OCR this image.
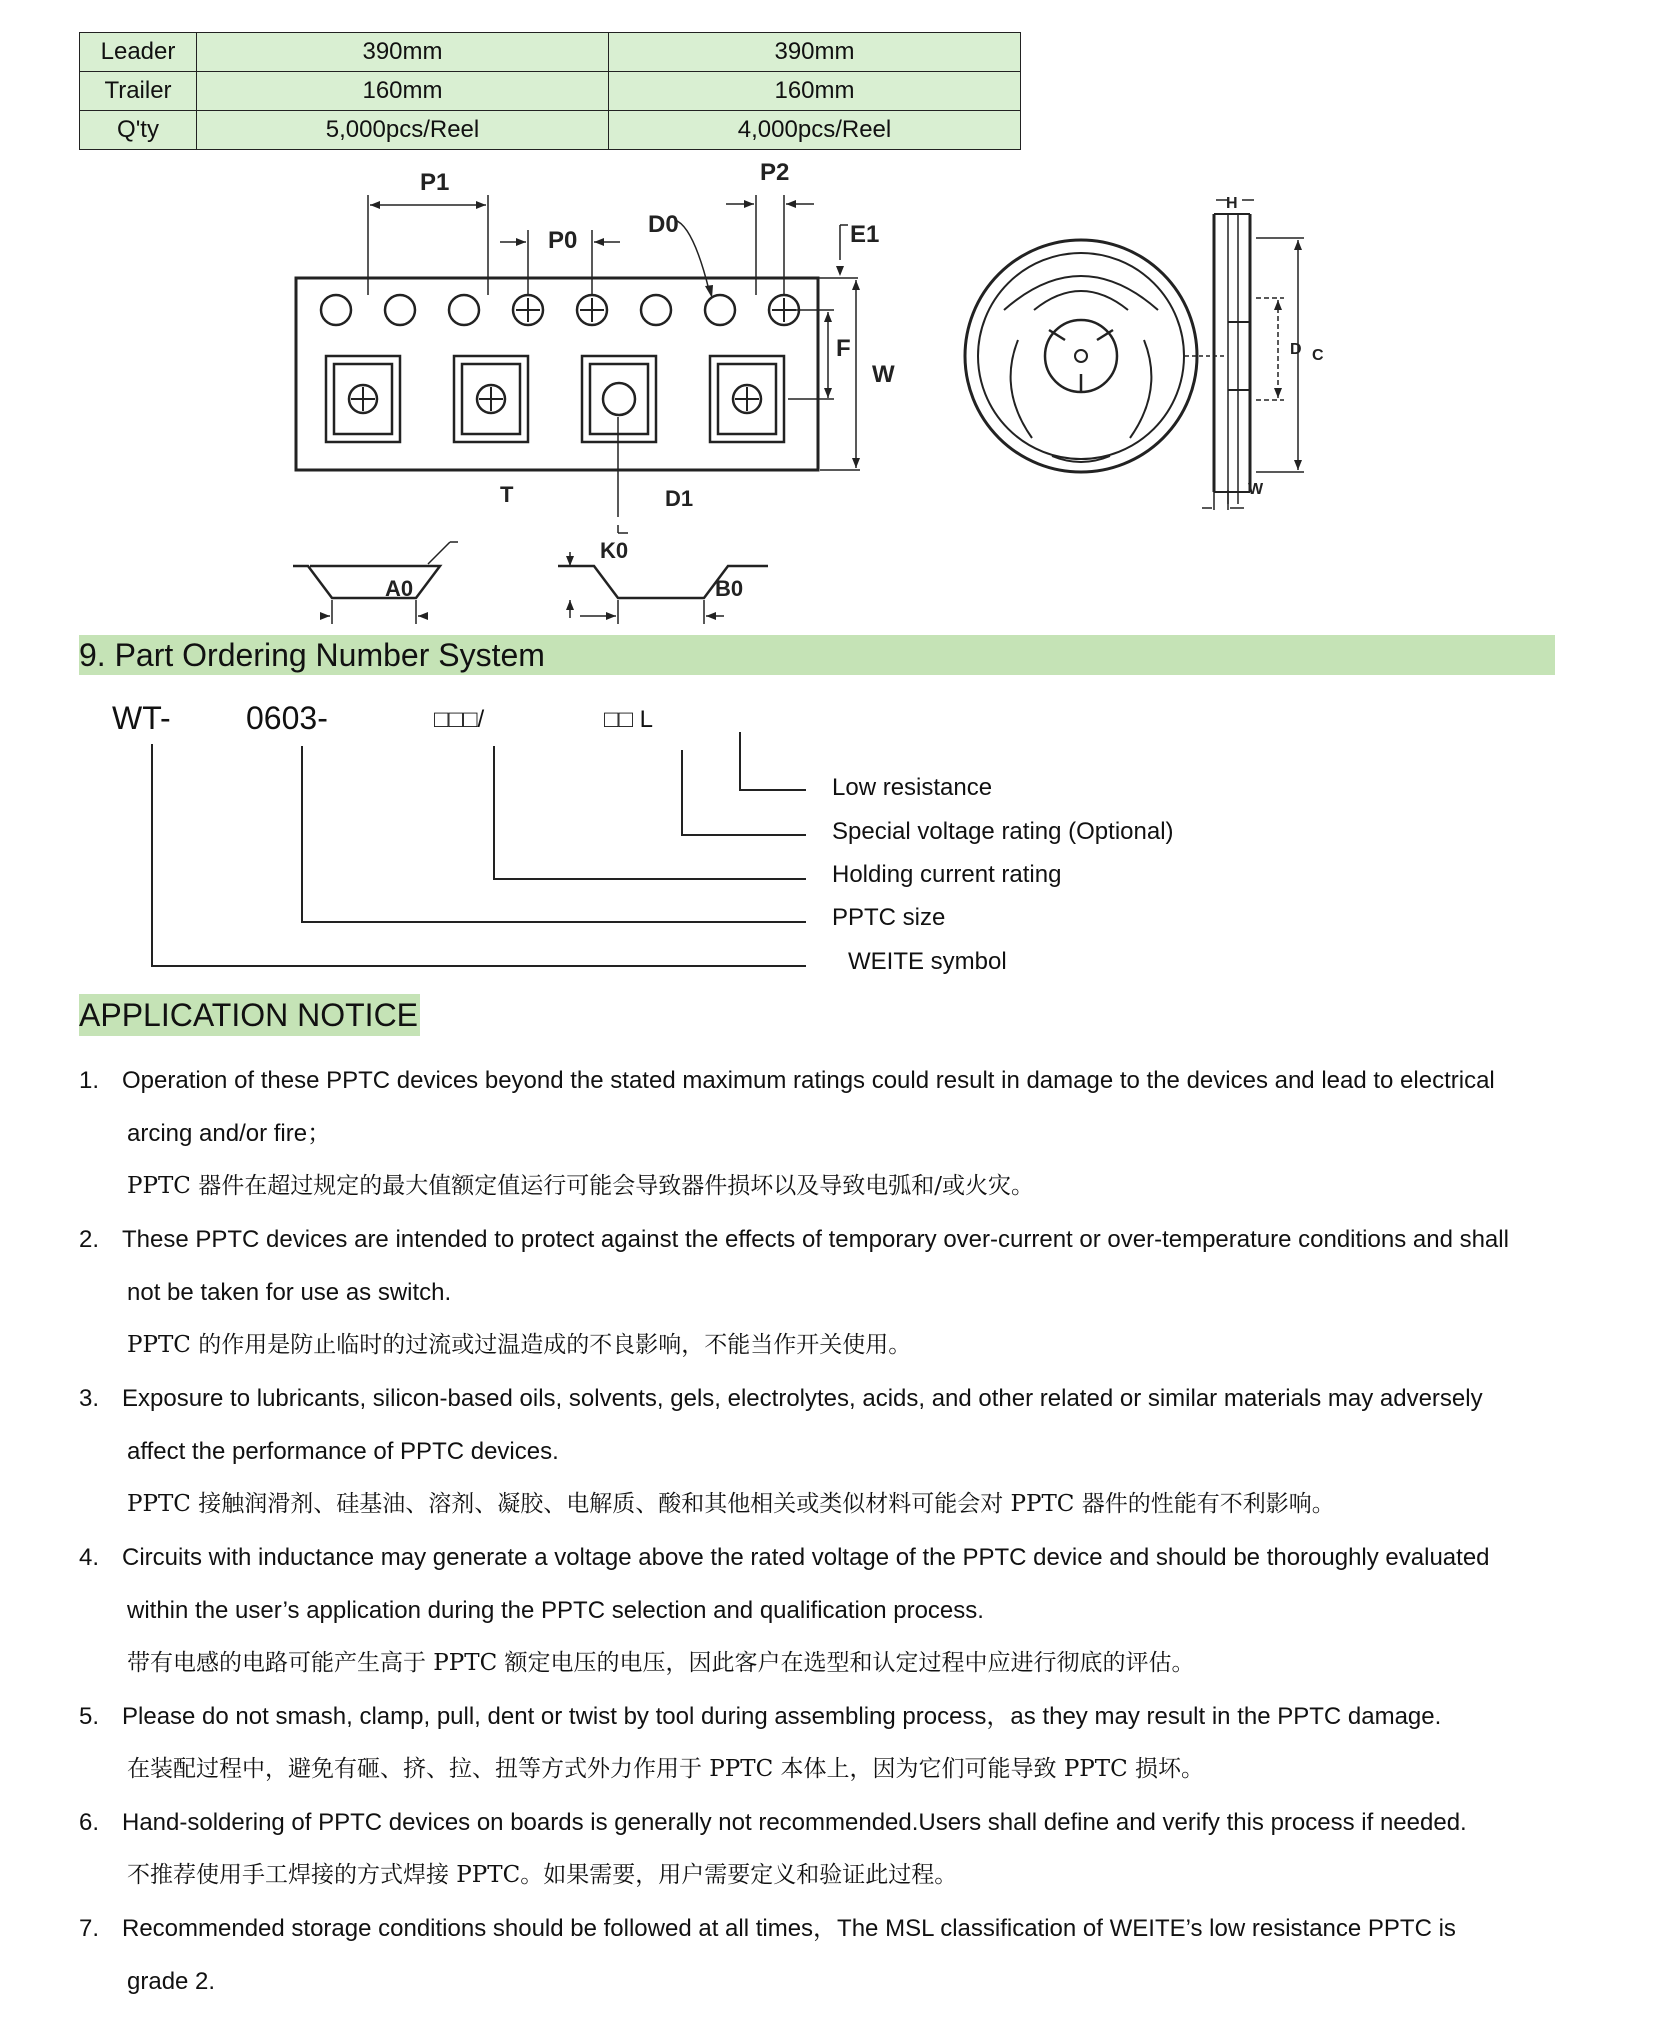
Leader	390mm	390mm
Trailer	160mm	160mm
Q'ty	5,000pcs/Reel	4,000pcs/Reel
P1
P0
D0
P2
E1
F
W
T	D1
K0
A0	B0
H
D C
W
9. Part Ordering Number System
WT- 0603-	□□□/	□□ L
Low resistance
Special voltage rating (Optional)
Holding current rating
PPTC size
WEITE symbol
APPLICATION NOTICE
1. Operation of these PPTC devices beyond the stated maximum ratings could result in damage to the devices and lead to electrical
arcing and/or fire；
PPTC 器件在超过规定的最大值额定值运行可能会导致器件损坏以及导致电弧和/或火灾。
2. These PPTC devices are intended to protect against the effects of temporary over-current or over-temperature conditions and shall
not be taken for use as switch.
PPTC 的作用是防止临时的过流或过温造成的不良影响，不能当作开关使用。
3. Exposure to lubricants, silicon-based oils, solvents, gels, electrolytes, acids, and other related or similar materials may adversely
affect the performance of PPTC devices.
PPTC 接触润滑剂、硅基油、溶剂、凝胶、电解质、酸和其他相关或类似材料可能会对 PPTC 器件的性能有不利影响。
4. Circuits with inductance may generate a voltage above the rated voltage of the PPTC device and should be thoroughly evaluated
within the user’s application during the PPTC selection and qualification process.
带有电感的电路可能产生高于 PPTC 额定电压的电压，因此客户在选型和认定过程中应进行彻底的评估。
5. Please do not smash, clamp, pull, dent or twist by tool during assembling process，as they may result in the PPTC damage.
在装配过程中，避免有砸、挤、拉、扭等方式外力作用于 PPTC 本体上，因为它们可能导致 PPTC 损坏。
6. Hand-soldering of PPTC devices on boards is generally not recommended.Users shall define and verify this process if needed.
不推荐使用手工焊接的方式焊接 PPTC。如果需要，用户需要定义和验证此过程。
7. Recommended storage conditions should be followed at all times，The MSL classification of WEITE’s low resistance PPTC is
grade 2.
